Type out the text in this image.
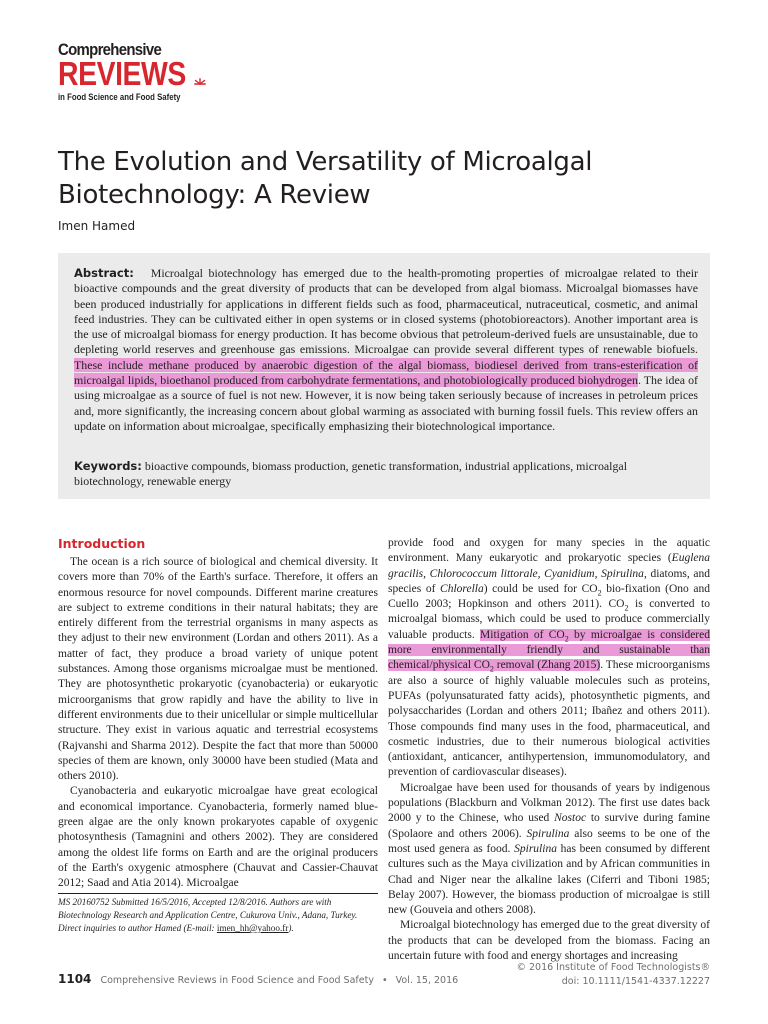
Comprehensive
REVIEWS
in Food Science and Food Safety
The Evolution and Versatility of Microalgal Biotechnology: A Review
Imen Hamed
Abstract: Microalgal biotechnology has emerged due to the health-promoting properties of microalgae related to their bioactive compounds and the great diversity of products that can be developed from algal biomass. Microalgal biomasses have been produced industrially for applications in different fields such as food, pharmaceutical, nutraceutical, cosmetic, and animal feed industries. They can be cultivated either in open systems or in closed systems (photobioreactors). Another important area is the use of microalgal biomass for energy production. It has become obvious that petroleum-derived fuels are unsustainable, due to depleting world reserves and greenhouse gas emissions. Microalgae can provide several different types of renewable biofuels. These include methane produced by anaerobic digestion of the algal biomass, biodiesel derived from trans-esterification of microalgal lipids, bioethanol produced from carbohydrate fermentations, and photobiologically produced biohydrogen. The idea of using microalgae as a source of fuel is not new. However, it is now being taken seriously because of increases in petroleum prices and, more significantly, the increasing concern about global warming as associated with burning fossil fuels. This review offers an update on information about microalgae, specifically emphasizing their biotechnological importance.
Keywords: bioactive compounds, biomass production, genetic transformation, industrial applications, microalgal biotechnology, renewable energy
Introduction

The ocean is a rich source of biological and chemical diversity. It covers more than 70% of the Earth's surface. Therefore, it offers an enormous resource for novel compounds. Different marine creatures are subject to extreme conditions in their natural habitats; they are entirely different from the terrestrial organisms in many aspects as they adjust to their new environment (Lordan and others 2011). As a matter of fact, they produce a broad variety of unique potent substances. Among those organisms microalgae must be mentioned. They are photosynthetic prokaryotic (cyanobacteria) or eukaryotic microorganisms that grow rapidly and have the ability to live in different environments due to their unicellular or simple multicellular structure. They exist in various aquatic and terrestrial ecosystems (Rajvanshi and Sharma 2012). Despite the fact that more than 50000 species of them are known, only 30000 have been studied (Mata and others 2010).

Cyanobacteria and eukaryotic microalgae have great ecological and economical importance. Cyanobacteria, formerly named blue-green algae are the only known prokaryotes capable of oxygenic photosynthesis (Tamagnini and others 2002). They are considered among the oldest life forms on Earth and are the original producers of the Earth's oxygenic atmosphere (Chauvat and Cassier-Chauvat 2012; Saad and Atia 2014). Microalgae

provide food and oxygen for many species in the aquatic environment. Many eukaryotic and prokaryotic species (Euglena gracilis, Chlorococcum littorale, Cyanidium, Spirulina, diatoms, and species of Chlorella) could be used for $CO_2$ bio-fixation (Ono and Cuello 2003; Hopkinson and others 2011). $CO_2$ is converted to microalgal biomass, which could be used to produce commercially valuable products. Mitigation of $CO_2$ by microalgae is considered more environmentally friendly and sustainable than chemical/physical $CO_2$ removal (Zhang 2015). These microorganisms are also a source of highly valuable molecules such as proteins, PUFAs (polyunsaturated fatty acids), photosynthetic pigments, and polysaccharides (Lordan and others 2011; Ibañez and others 2011). Those compounds find many uses in the food, pharmaceutical, and cosmetic industries, due to their numerous biological activities (antioxidant, anticancer, antihypertension, immunomodulatory, and prevention of cardiovascular diseases).

Microalgae have been used for thousands of years by indigenous populations (Blackburn and Volkman 2012). The first use dates back 2000 y to the Chinese, who used Nostoc to survive during famine (Spolaore and others 2006). Spirulina also seems to be one of the most used genera as food. Spirulina has been consumed by different cultures such as the Maya civilization and by African communities in Chad and Niger near the alkaline lakes (Ciferri and Tiboni 1985; Belay 2007). However, the biomass production of microalgae is still new (Gouveia and others 2008).

Microalgal biotechnology has emerged due to the great diversity of the products that can be developed from the biomass. Facing an uncertain future with food and energy shortages and increasing

MS 20160752 Submitted 16/5/2016, Accepted 12/8/2016. Authors are with Biotechnology Research and Application Centre, Cukurova Univ., Adana, Turkey. Direct inquiries to author Hamed (E-mail: imen_hh@yahoo.fr).
1104 Comprehensive Reviews in Food Science and Food Safety • Vol. 15, 2016
© 2016 Institute of Food Technologists®
doi: 10.1111/1541-4337.12227
